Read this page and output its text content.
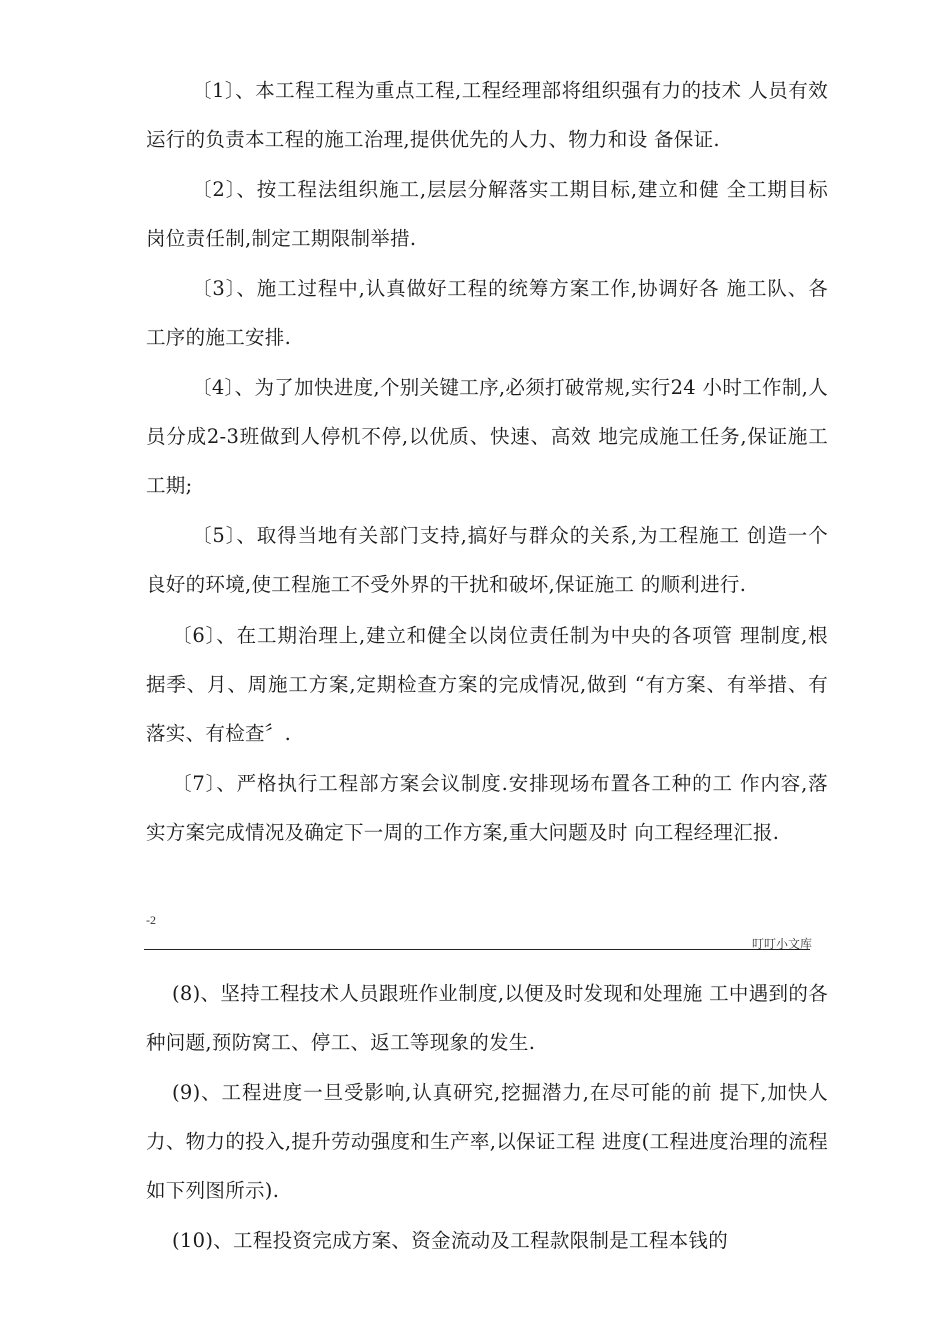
〔1〕、本工程工程为重点工程,工程经理部将组织强有力的技术 人员有效运行的负责本工程的施工治理,提供优先的人力、物力和设 备保证.

〔2〕、按工程法组织施工,层层分解落实工期目标,建立和健 全工期目标岗位责任制,制定工期限制举措.

〔3〕、施工过程中,认真做好工程的统筹方案工作,协调好各 施工队、各工序的施工安排.

〔4〕、为了加快进度,个别关键工序,必须打破常规,实行24 小时工作制,人员分成2-3班做到人停机不停,以优质、快速、高效 地完成施工任务,保证施工工期;

〔5〕、取得当地有关部门支持,搞好与群众的关系,为工程施工 创造一个良好的环境,使工程施工不受外界的干扰和破坏,保证施工 的顺利进行.

〔6〕、在工期治理上,建立和健全以岗位责任制为中央的各项管 理制度,根据季、月、周施工方案,定期检查方案的完成情况,做到 “有方案、有举措、有落实、有检查〞.

〔7〕、严格执行工程部方案会议制度.安排现场布置各工种的工 作内容,落实方案完成情况及确定下一周的工作方案,重大问题及时 向工程经理汇报.

-2
叮叮小文库

(8)、坚持工程技术人员跟班作业制度,以便及时发现和处理施 工中遇到的各种问题,预防窝工、停工、返工等现象的发生.

(9)、工程进度一旦受影响,认真研究,挖掘潜力,在尽可能的前 提下,加快人力、物力的投入,提升劳动强度和生产率,以保证工程 进度(工程进度治理的流程如下列图所示).

(10)、工程投资完成方案、资金流动及工程款限制是工程本钱的
